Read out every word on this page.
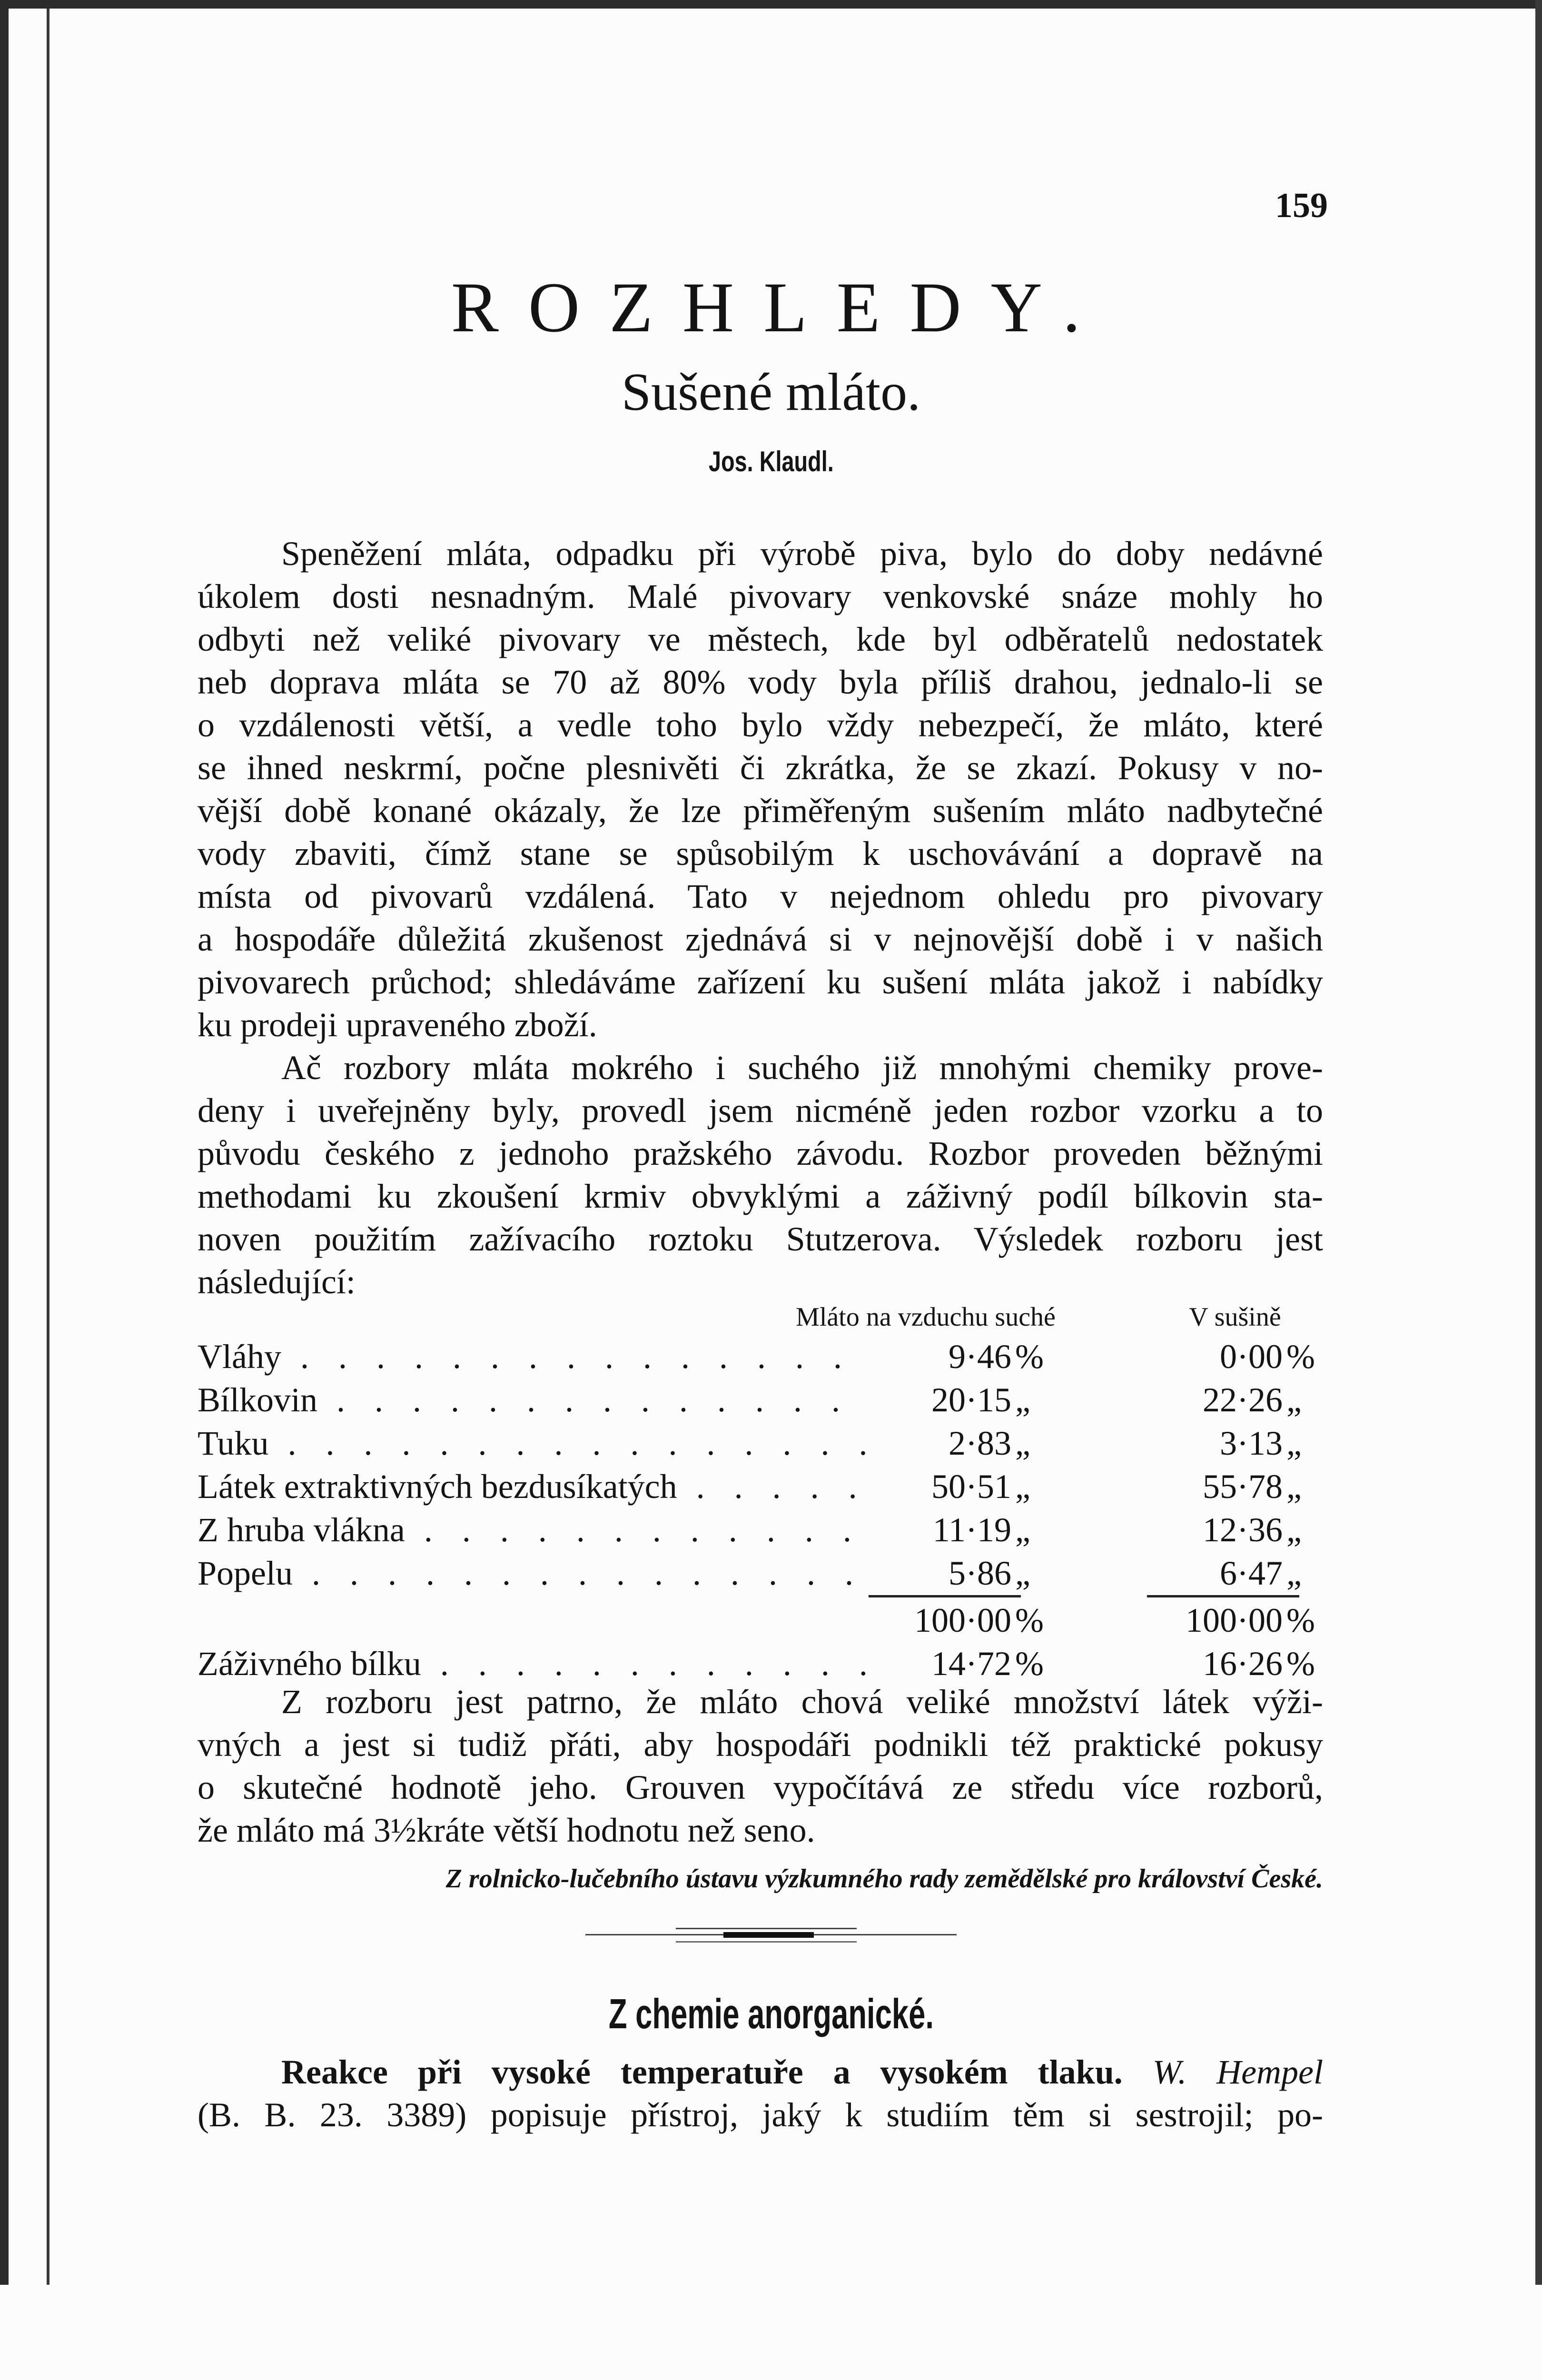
159
ROZHLEDY.
Sušené mláto.
Jos. Klaudl.
Speněžení mláta, odpadku při výrobě piva, bylo do doby nedávné
úkolem dosti nesnadným. Malé pivovary venkovské snáze mohly ho
odbyti než veliké pivovary ve městech, kde byl odběratelů nedostatek
neb doprava mláta se 70 až 80% vody byla příliš drahou, jednalo-li se
o vzdálenosti větší, a vedle toho bylo vždy nebezpečí, že mláto, které
se ihned neskrmí, počne plesnivěti či zkrátka, že se zkazí. Pokusy v no-
vější době konané okázaly, že lze přiměřeným sušením mláto nadbytečné
vody zbaviti, čímž stane se spůsobilým k uschovávání a dopravě na
místa od pivovarů vzdálená. Tato v nejednom ohledu pro pivovary
a hospodáře důležitá zkušenost zjednává si v nejnovější době i v našich
pivovarech průchod; shledáváme zařízení ku sušení mláta jakož i nabídky
ku prodeji upraveného zboží.
Ač rozbory mláta mokrého i suchého již mnohými chemiky prove-
deny i uveřejněny byly, provedl jsem nicméně jeden rozbor vzorku a to
původu českého z jednoho pražského závodu. Rozbor proveden běžnými
methodami ku zkoušení krmiv obvyklými a záživný podíl bílkovin sta-
noven použitím zažívacího roztoku Stutzerova. Výsledek rozboru jest
následující:
Mláto na vzduchu suché	V sušině
Vláhy . . .	9·46 %	0·00 %
Bílkovin . . .	20·15 „	22·26 „
Tuku . . .	2·83 „	3·13 „
Látek extraktivných bezdusíkatých . . .	50·51 „	55·78 „
Z hruba vlákna . . .	11·19 „	12·36 „
Popelu . . .	5·86 „	6·47 „
100·00 %	100·00 %
Záživného bílku . . .	14·72 %	16·26 %
Z rozboru jest patrno, že mláto chová veliké množství látek výži-
vných a jest si tudiž přáti, aby hospodáři podnikli též praktické pokusy
o skutečné hodnotě jeho. Grouven vypočítává ze středu více rozborů,
že mláto má 3½kráte větší hodnotu než seno.
Z rolnicko-lučebního ústavu výzkumného rady zemědělské pro království České.
Z chemie anorganické.
Reakce při vysoké temperatuře a vysokém tlaku. W. Hempel
(B. B. 23. 3389) popisuje přístroj, jaký k studiím těm si sestrojil; po-
